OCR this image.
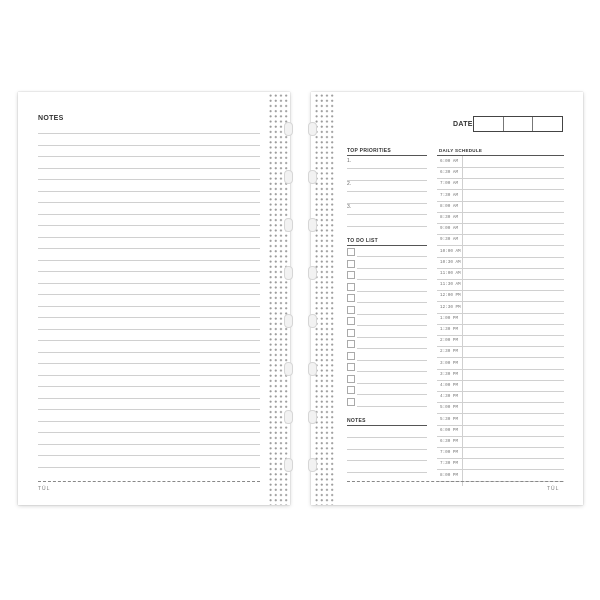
NOTES
TŪL
DATE
TOP PRIORITIES
1.
2.
3.
TO DO LIST
NOTES
DAILY SCHEDULE
6:00 AM
6:30 AM
7:00 AM
7:30 AM
8:00 AM
8:30 AM
9:00 AM
9:30 AM
10:00 AM
10:30 AM
11:00 AM
11:30 AM
12:00 PM
12:30 PM
1:00 PM
1:30 PM
2:00 PM
2:30 PM
3:00 PM
3:30 PM
4:00 PM
4:30 PM
5:00 PM
5:30 PM
6:00 PM
6:30 PM
7:00 PM
7:30 PM
8:00 PM
TŪL
